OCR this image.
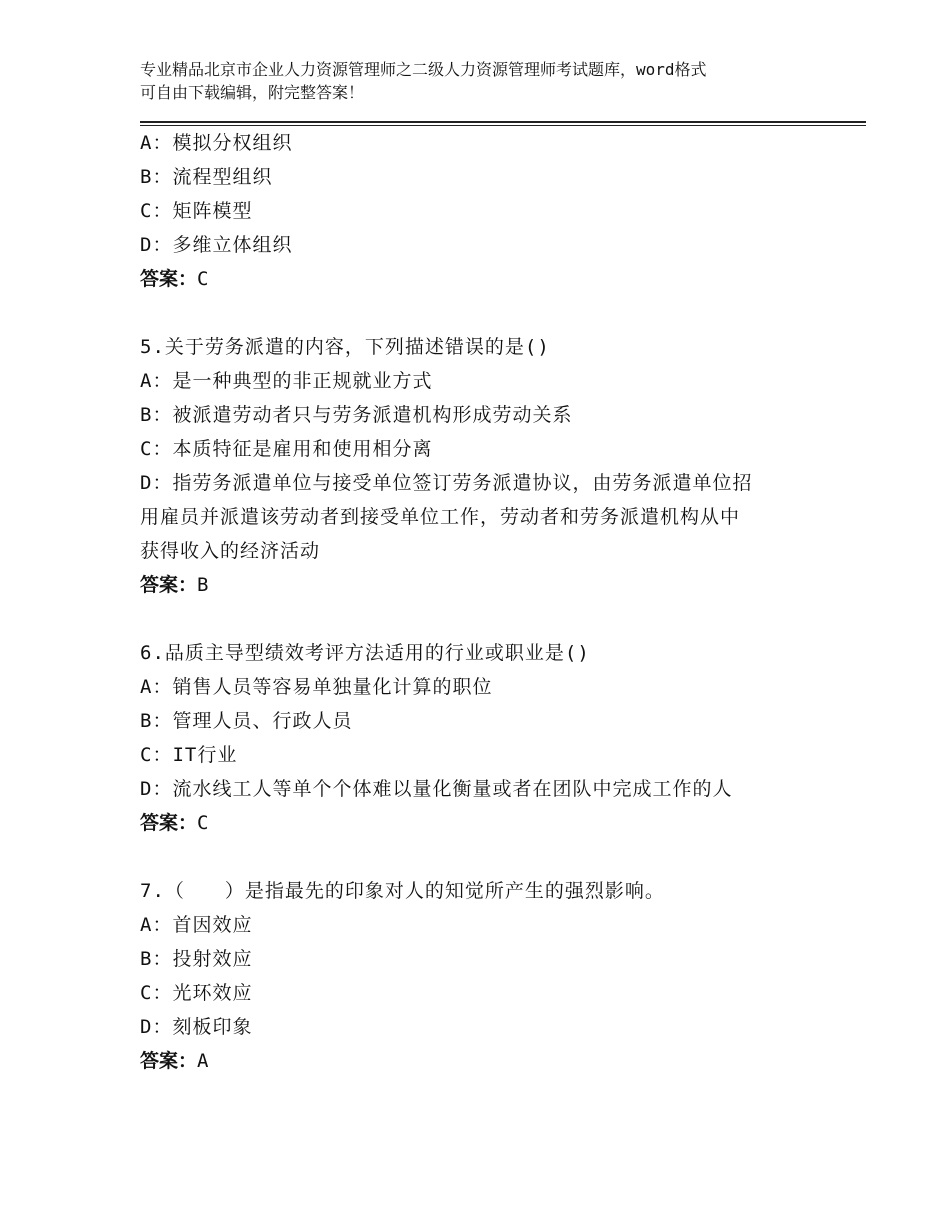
专业精品北京市企业人力资源管理师之二级人力资源管理师考试题库，word格式
可自由下载编辑，附完整答案！
A：模拟分权组织
B：流程型组织
C：矩阵模型
D：多维立体组织
答案：C
5.关于劳务派遣的内容，下列描述错误的是()
A：是一种典型的非正规就业方式
B：被派遣劳动者只与劳务派遣机构形成劳动关系
C：本质特征是雇用和使用相分离
D：指劳务派遣单位与接受单位签订劳务派遣协议，由劳务派遣单位招
用雇员并派遣该劳动者到接受单位工作，劳动者和劳务派遣机构从中
获得收入的经济活动
答案：B
6.品质主导型绩效考评方法适用的行业或职业是()
A：销售人员等容易单独量化计算的职位
B：管理人员、行政人员
C：IT行业
D：流水线工人等单个个体难以量化衡量或者在团队中完成工作的人
答案：C
7.（　　）是指最先的印象对人的知觉所产生的强烈影响。
A：首因效应
B：投射效应
C：光环效应
D：刻板印象
答案：A
